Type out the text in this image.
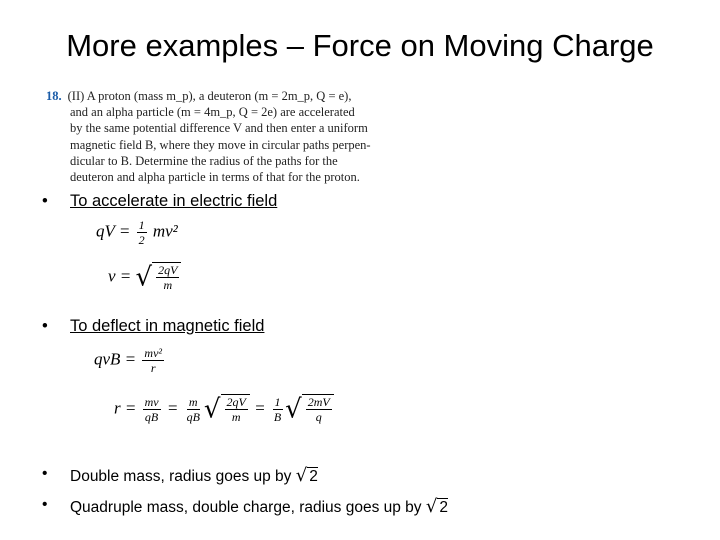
More examples – Force on Moving Charge
18. (II) A proton (mass m_p), a deuteron (m = 2m_p, Q = e),
and an alpha particle (m = 4m_p, Q = 2e) are accelerated
by the same potential difference V and then enter a uniform
magnetic field B, where they move in circular paths perpen-
dicular to B. Determine the radius of the paths for the
deuteron and alpha particle in terms of that for the proton.
• To accelerate in electric field
qV = $\frac{1}{2} mv^2$
v = √ $\frac{2qV}{m}$
• To deflect in magnetic field
qvB = $\frac{\text{mv²}}{r}$
$r = \frac{mv}{qB} = \frac{m}{qB}$ √ $\frac{2qV}{m} = \frac{1}{B}$ √ $\frac{2mV}{q}$
• Double mass, radius goes up by √ 2
• Quadruple mass, double charge, radius goes up by √ 2
